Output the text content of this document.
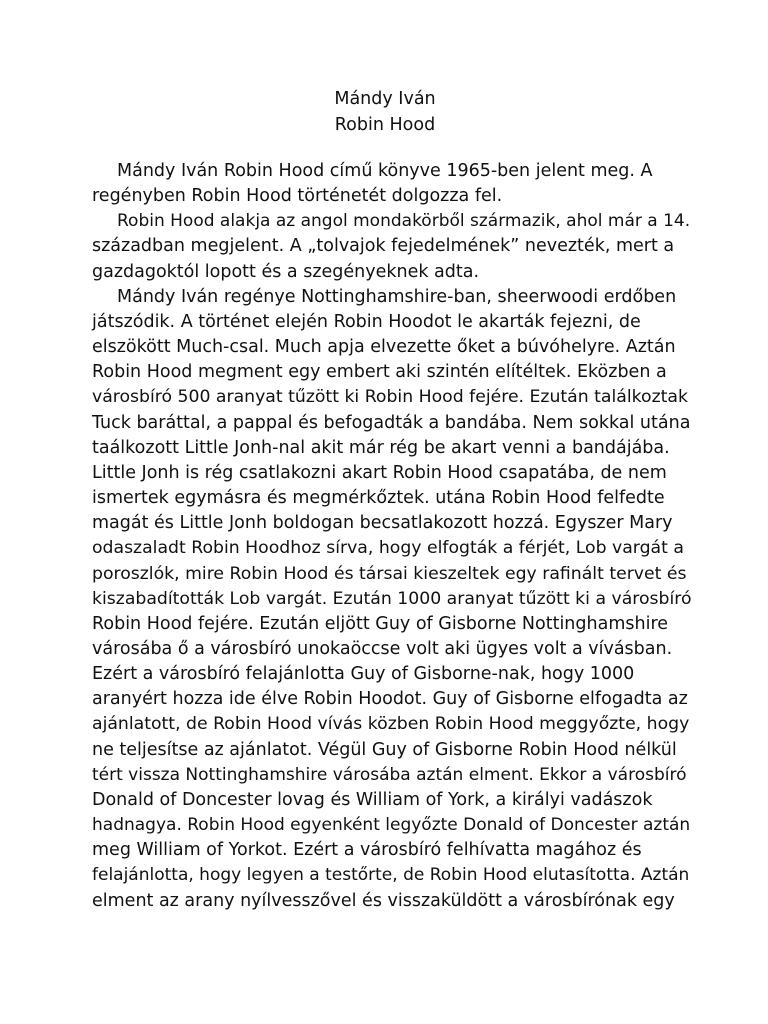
Mándy Iván
Robin Hood
Mándy Iván Robin Hood című könyve 1965-ben jelent meg. A
regényben Robin Hood történetét dolgozza fel.
Robin Hood alakja az angol mondakörből származik, ahol már a 14.
században megjelent. A „tolvajok fejedelmének” nevezték, mert a
gazdagoktól lopott és a szegényeknek adta.
Mándy Iván regénye Nottinghamshire-ban, sheerwoodi erdőben
játszódik. A történet elején Robin Hoodot le akarták fejezni, de
elszökött Much-csal. Much apja elvezette őket a búvóhelyre. Aztán
Robin Hood megment egy embert aki szintén elítéltek. Eközben a
városbíró 500 aranyat tűzött ki Robin Hood fejére. Ezután találkoztak
Tuck baráttal, a pappal és befogadták a bandába. Nem sokkal utána
taálkozott Little Jonh-nal akit már rég be akart venni a bandájába.
Little Jonh is rég csatlakozni akart Robin Hood csapatába, de nem
ismertek egymásra és megmérkőztek. utána Robin Hood felfedte
magát és Little Jonh boldogan becsatlakozott hozzá. Egyszer Mary
odaszaladt Robin Hoodhoz sírva, hogy elfogták a férjét, Lob vargát a
poroszlók, mire Robin Hood és társai kieszeltek egy rafinált tervet és
kiszabadították Lob vargát. Ezután 1000 aranyat tűzött ki a városbíró
Robin Hood fejére. Ezután eljött Guy of Gisborne Nottinghamshire
városába ő a városbíró unokaöccse volt aki ügyes volt a vívásban.
Ezért a városbíró felajánlotta Guy of Gisborne-nak, hogy 1000
aranyért hozza ide élve Robin Hoodot. Guy of Gisborne elfogadta az
ajánlatott, de Robin Hood vívás közben Robin Hood meggyőzte, hogy
ne teljesítse az ajánlatot. Végül Guy of Gisborne Robin Hood nélkül
tért vissza Nottinghamshire városába aztán elment. Ekkor a városbíró
Donald of Doncester lovag és William of York, a királyi vadászok
hadnagya. Robin Hood egyenként legyőzte Donald of Doncester aztán
meg William of Yorkot. Ezért a városbíró felhívatta magához és
felajánlotta, hogy legyen a testőrte, de Robin Hood elutasította. Aztán
elment az arany nyílvesszővel és visszaküldött a városbírónak egy
